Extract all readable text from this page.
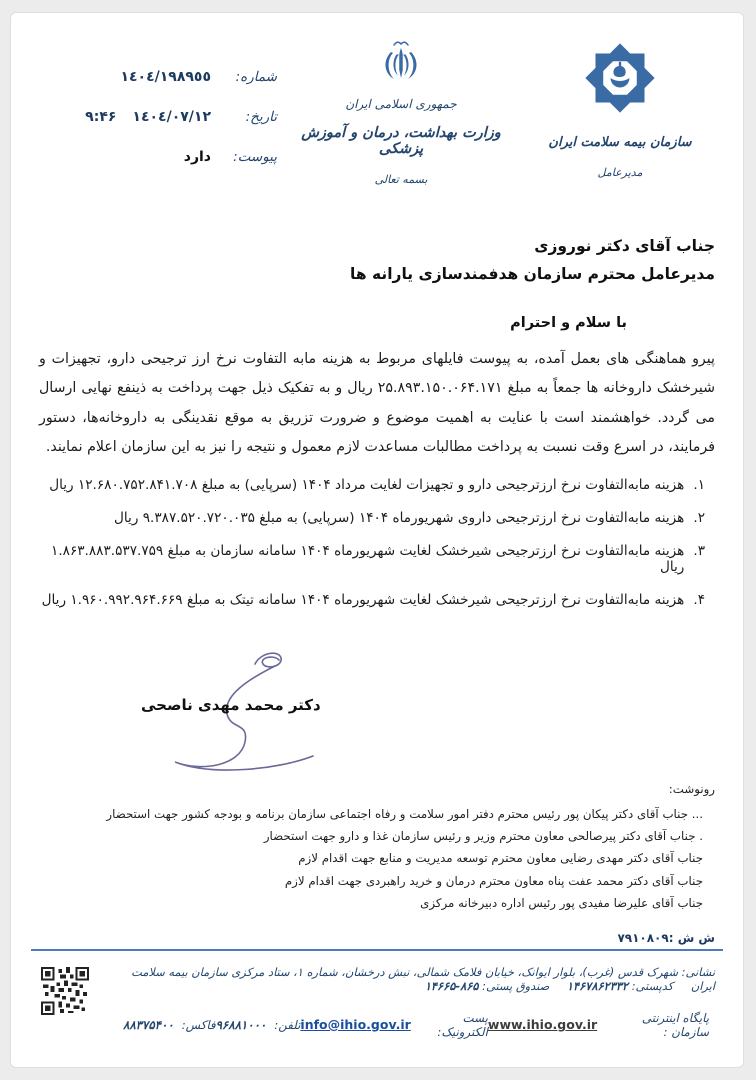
سازمان بیمه سلامت ایران
مدیرعامل
جمهوری اسلامی ایران
وزارت بهداشت، درمان و آموزش پزشکی
بسمه تعالی
شماره:
١٤٠٤/١٩٨٩٥٥
تاریخ:
١٤٠٤/٠٧/١٢
۹:۴۶
پیوست:
دارد
جناب آقای دکتر نوروزی
مدیرعامل محترم سازمان هدفمندسازی یارانه ها
با سلام و احترام

پیرو هماهنگی های بعمل آمده، به پیوست فایلهای مربوط به هزینه مابه التفاوت نرخ ارز ترجیحی دارو، تجهیزات و شیرخشک داروخانه ها جمعاً به مبلغ ۲۵.۸۹۳.۱۵۰.۰۶۴.۱۷۱ ریال و به تفکیک ذیل جهت پرداخت به ذینفع نهایی ارسال می گردد. خواهشمند است با عنایت به اهمیت موضوع و ضرورت تزریق به موقع نقدینگی به داروخانه‌ها، دستور فرمایند، در اسرع وقت نسبت به پرداخت مطالبات مساعدت لازم معمول و نتیجه را نیز به این سازمان اعلام نمایند.

۱.
هزینه مابه‌التفاوت نرخ ارزترجیحی دارو و تجهیزات لغایت مرداد ۱۴۰۴ (سرپایی) به مبلغ ۱۲.۶۸۰.۷۵۲.۸۴۱.۷۰۸ ریال
۲.
هزینه مابه‌التفاوت نرخ ارزترجیحی داروی شهریورماه ۱۴۰۴ (سرپایی) به مبلغ ۹.۳۸۷.۵۲۰.۷۲۰.۰۳۵ ریال
۳.
هزینه مابه‌التفاوت نرخ ارزترجیحی شیرخشک لغایت شهریورماه ۱۴۰۴ سامانه سازمان به مبلغ ۱.۸۶۳.۸۸۳.۵۳۷.۷۵۹ ریال
۴.
هزینه مابه‌التفاوت نرخ ارزترجیحی شیرخشک لغایت شهریورماه ۱۴۰۴ سامانه تیتک به مبلغ ۱.۹۶۰.۹۹۲.۹۶۴.۶۶۹ ریال
دکتر محمد مهدی ناصحی
رونوشت:
... جناب آقای دکتر پیکان پور رئیس محترم دفتر امور سلامت و رفاه اجتماعی سازمان برنامه و بودجه کشور جهت استحضار
. جناب آقای دکتر پیرصالحی معاون محترم وزیر و رئیس سازمان غذا و دارو جهت استحضار
جناب آقای دکتر مهدی رضایی معاون محترم توسعه مدیریت و منابع جهت اقدام لازم
جناب آقای دکتر محمد عفت پناه معاون محترم درمان و خرید راهبردی جهت اقدام لازم
جناب آقای علیرضا مفیدی پور رئیس اداره دبیرخانه مرکزی
ش ش :۷۹۱۰۸۰۹
نشانی: شهرک قدس (غرب)، بلوار ایوانک، خیابان فلامک شمالی، نبش درخشان، شماره ۱، ستاد مرکزی سازمان بیمه سلامت ایران کدپستی: ۱۴۶۷۸۶۲۳۳۲ صندوق پستی: ۱۴۶۶۵-۸۶۵
پایگاه اینترنتی سازمان :
www.ihio.gov.ir
پست الکترونیک:
info@ihio.gov.ir
تلفن:
۹۶۸۸۱۰۰۰
فاکس:
۸۸۳۷۵۴۰۰
